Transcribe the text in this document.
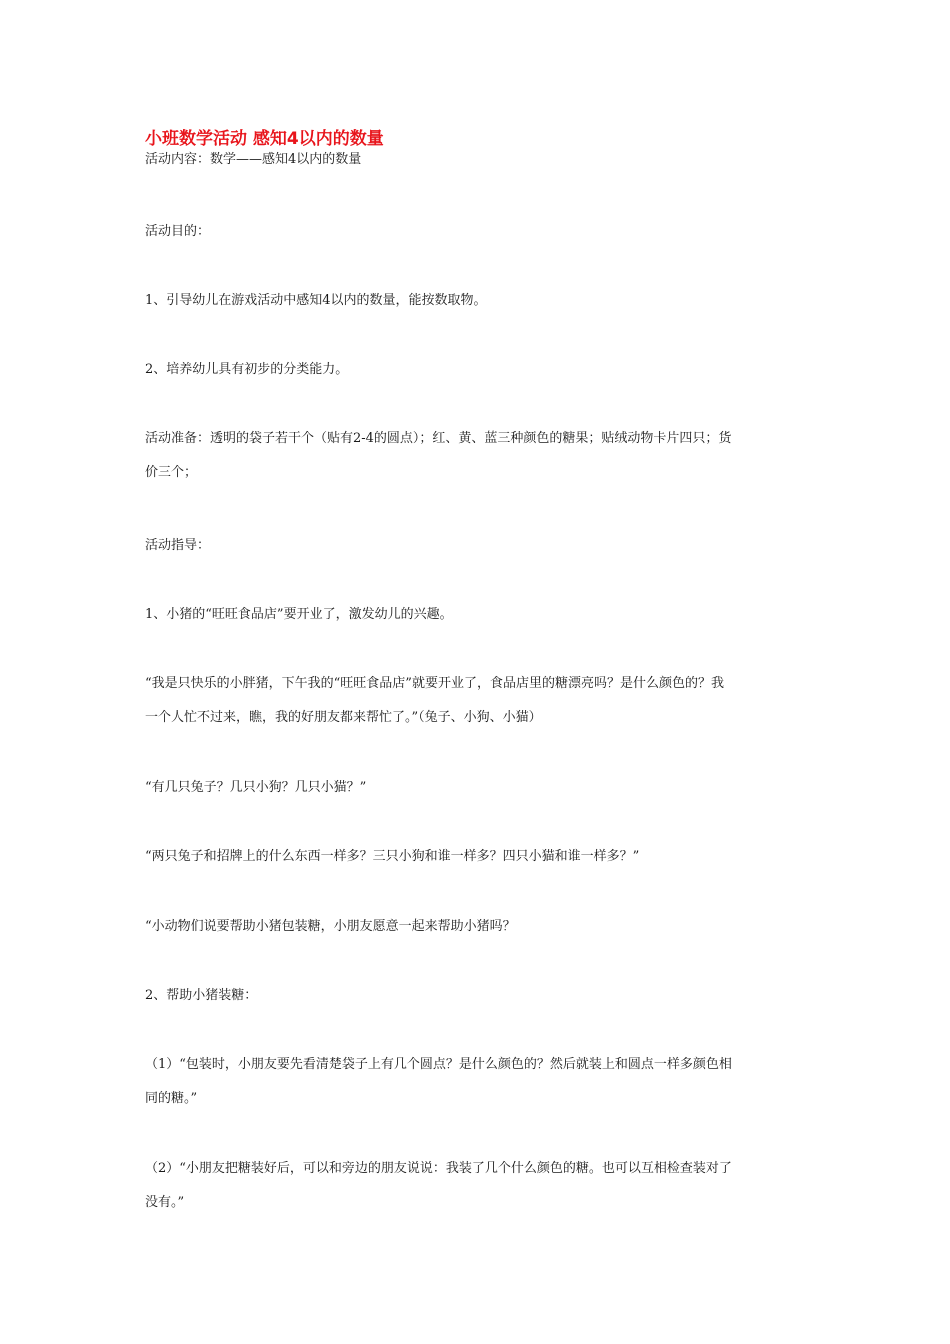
小班数学活动 感知4以内的数量
活动内容：数学——感知4以内的数量
活动目的：
1、引导幼儿在游戏活动中感知4以内的数量，能按数取物。
2、培养幼儿具有初步的分类能力。
活动准备：透明的袋子若干个（贴有2-4的圆点）；红、黄、蓝三种颜色的糖果；贴绒动物卡片四只；货
价三个；
活动指导：
1、小猪的“旺旺食品店”要开业了，激发幼儿的兴趣。
“我是只快乐的小胖猪，下午我的“旺旺食品店”就要开业了，食品店里的糖漂亮吗？是什么颜色的？我
一个人忙不过来，瞧，我的好朋友都来帮忙了。”（兔子、小狗、小猫）
“有几只兔子？几只小狗？几只小猫？”
“两只兔子和招牌上的什么东西一样多？三只小狗和谁一样多？四只小猫和谁一样多？”
“小动物们说要帮助小猪包装糖，小朋友愿意一起来帮助小猪吗？
2、帮助小猪装糖：
（1）“包装时，小朋友要先看清楚袋子上有几个圆点？是什么颜色的？然后就装上和圆点一样多颜色相
同的糖。”
（2）“小朋友把糖装好后，可以和旁边的朋友说说：我装了几个什么颜色的糖。也可以互相检查装对了
没有。”
